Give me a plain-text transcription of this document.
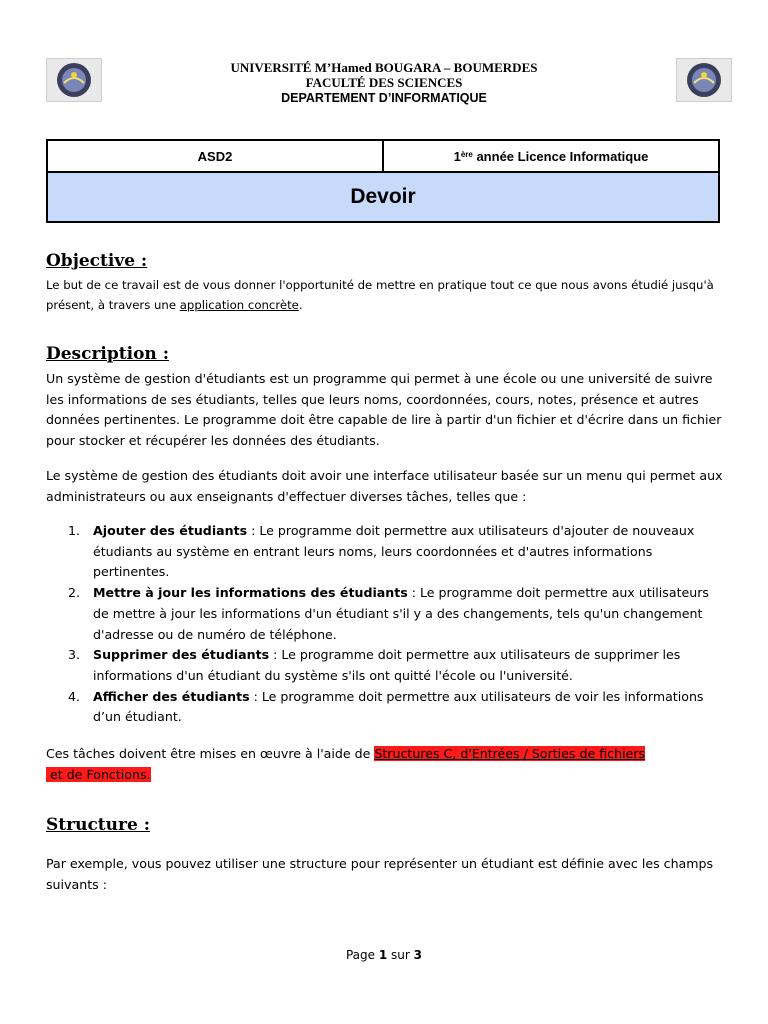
UNIVERSITÉ M’Hamed BOUGARA – BOUMERDES
FACULTÉ DES SCIENCES
DEPARTEMENT D’INFORMATIQUE
ASD2	1ère année Licence Informatique
Devoir
Objective :
Le but de ce travail est de vous donner l'opportunité de mettre en pratique tout ce que nous avons étudié jusqu'à présent, à travers une application concrète.
Description :
Un système de gestion d'étudiants est un programme qui permet à une école ou une université de suivre les informations de ses étudiants, telles que leurs noms, coordonnées, cours, notes, présence et autres données pertinentes. Le programme doit être capable de lire à partir d'un fichier et d'écrire dans un fichier pour stocker et récupérer les données des étudiants.
Le système de gestion des étudiants doit avoir une interface utilisateur basée sur un menu qui permet aux administrateurs ou aux enseignants d'effectuer diverses tâches, telles que :
1. Ajouter des étudiants : Le programme doit permettre aux utilisateurs d'ajouter de nouveaux étudiants au système en entrant leurs noms, leurs coordonnées et d'autres informations pertinentes.
2. Mettre à jour les informations des étudiants : Le programme doit permettre aux utilisateurs de mettre à jour les informations d'un étudiant s'il y a des changements, tels qu'un changement d'adresse ou de numéro de téléphone.
3. Supprimer des étudiants : Le programme doit permettre aux utilisateurs de supprimer les informations d'un étudiant du système s'ils ont quitté l'école ou l'université.
4. Afficher des étudiants : Le programme doit permettre aux utilisateurs de voir les informations d’un étudiant.
Ces tâches doivent être mises en œuvre à l'aide de Structures C, d'Entrées / Sorties de fichiers et de Fonctions.
Structure :
Par exemple, vous pouvez utiliser une structure pour représenter un étudiant est définie avec les champs suivants :
Page 1 sur 3
